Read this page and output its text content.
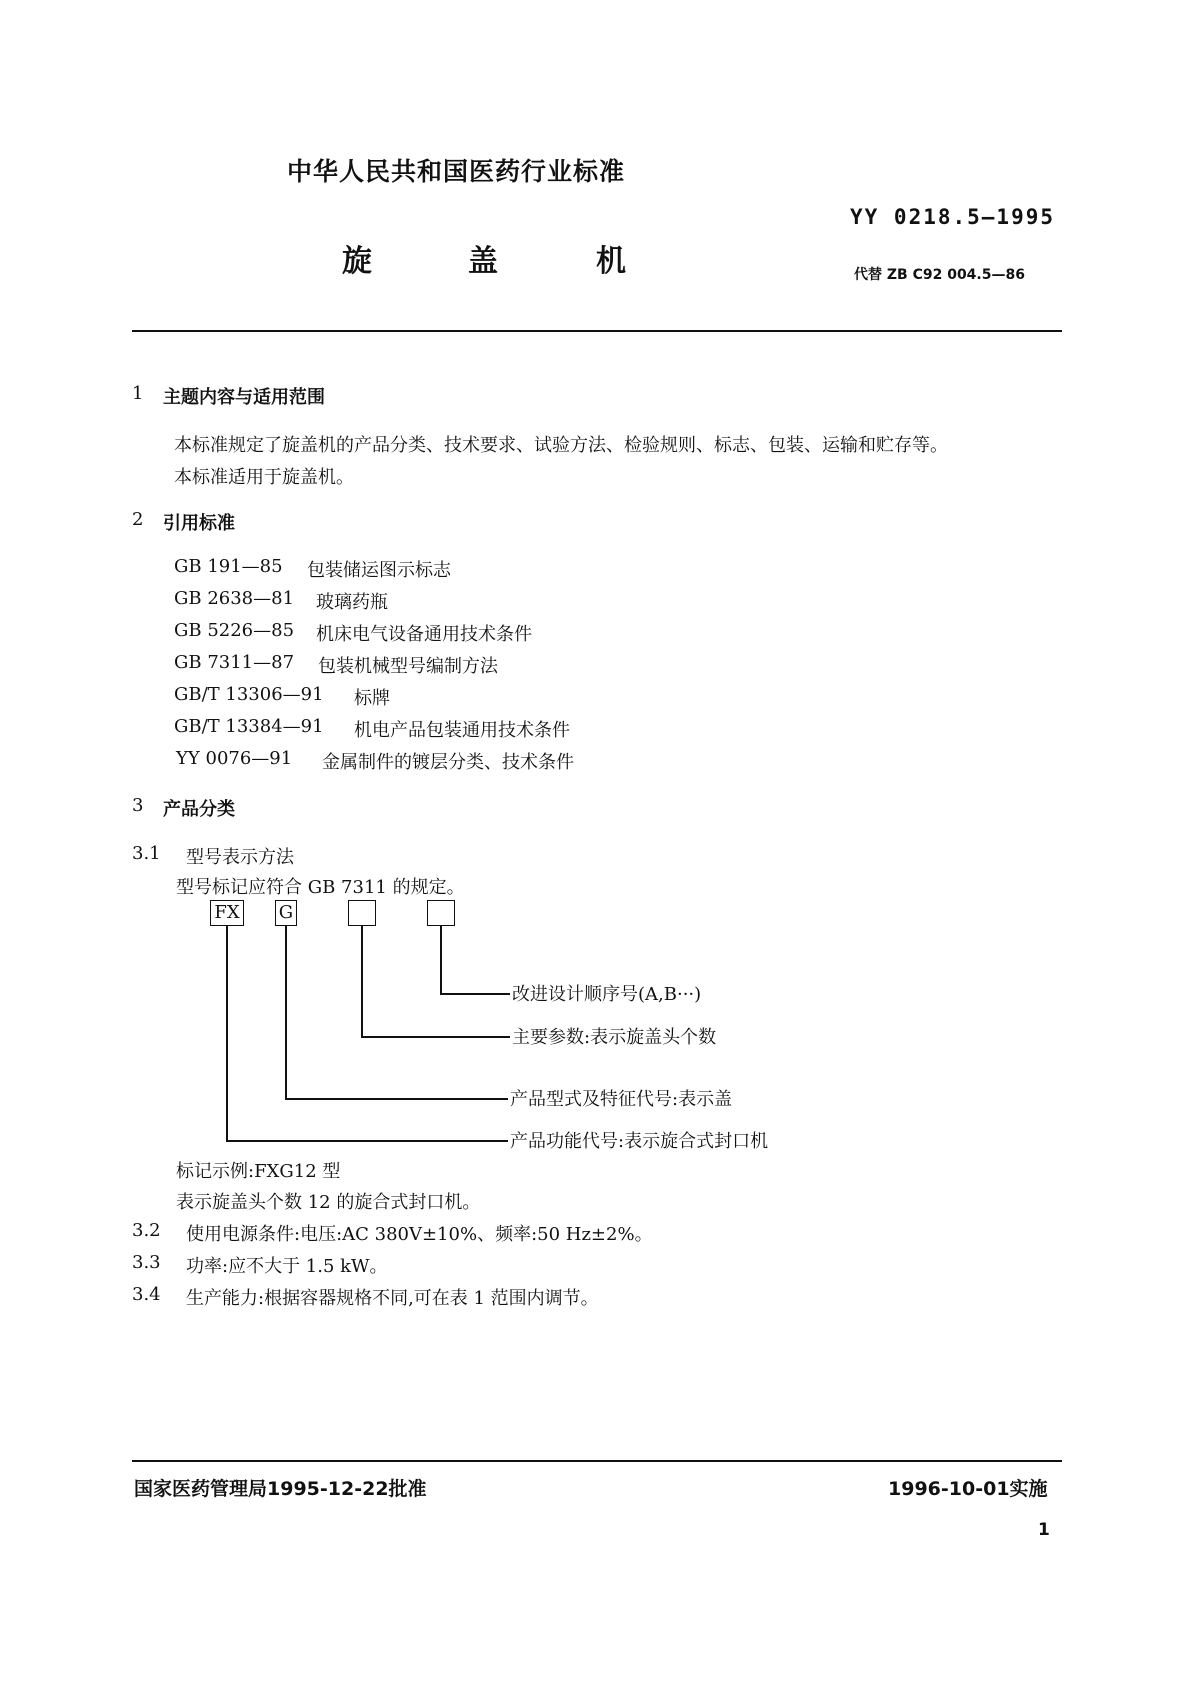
中华人民共和国医药行业标准
YY 0218.5—1995
旋	盖	机	代替 ZB C92 004.5—86
1 主题内容与适用范围
本标准规定了旋盖机的产品分类、技术要求、试验方法、检验规则、标志、包装、运输和贮存等。
本标准适用于旋盖机。
2 引用标准
GB 191—85 包装储运图示标志
GB 2638—81 玻璃药瓶
GB 5226—85 机床电气设备通用技术条件
GB 7311—87 包装机械型号编制方法
GB/T 13306—91 标牌
GB/T 13384—91 机电产品包装通用技术条件
YY 0076—91 金属制件的镀层分类、技术条件
3 产品分类
3.1 型号表示方法
型号标记应符合 GB 7311 的规定。
FX G
改进设计顺序号(A,B···)
主要参数:表示旋盖头个数
产品型式及特征代号:表示盖
产品功能代号:表示旋合式封口机
标记示例:FXG12 型
表示旋盖头个数 12 的旋合式封口机。
3.2 使用电源条件:电压:AC 380V±10%、频率:50 Hz±2%。
3.3 功率:应不大于 1.5 kW。
3.4 生产能力:根据容器规格不同,可在表 1 范围内调节。
国家医药管理局1995-12-22批准	1996-10-01实施
1
